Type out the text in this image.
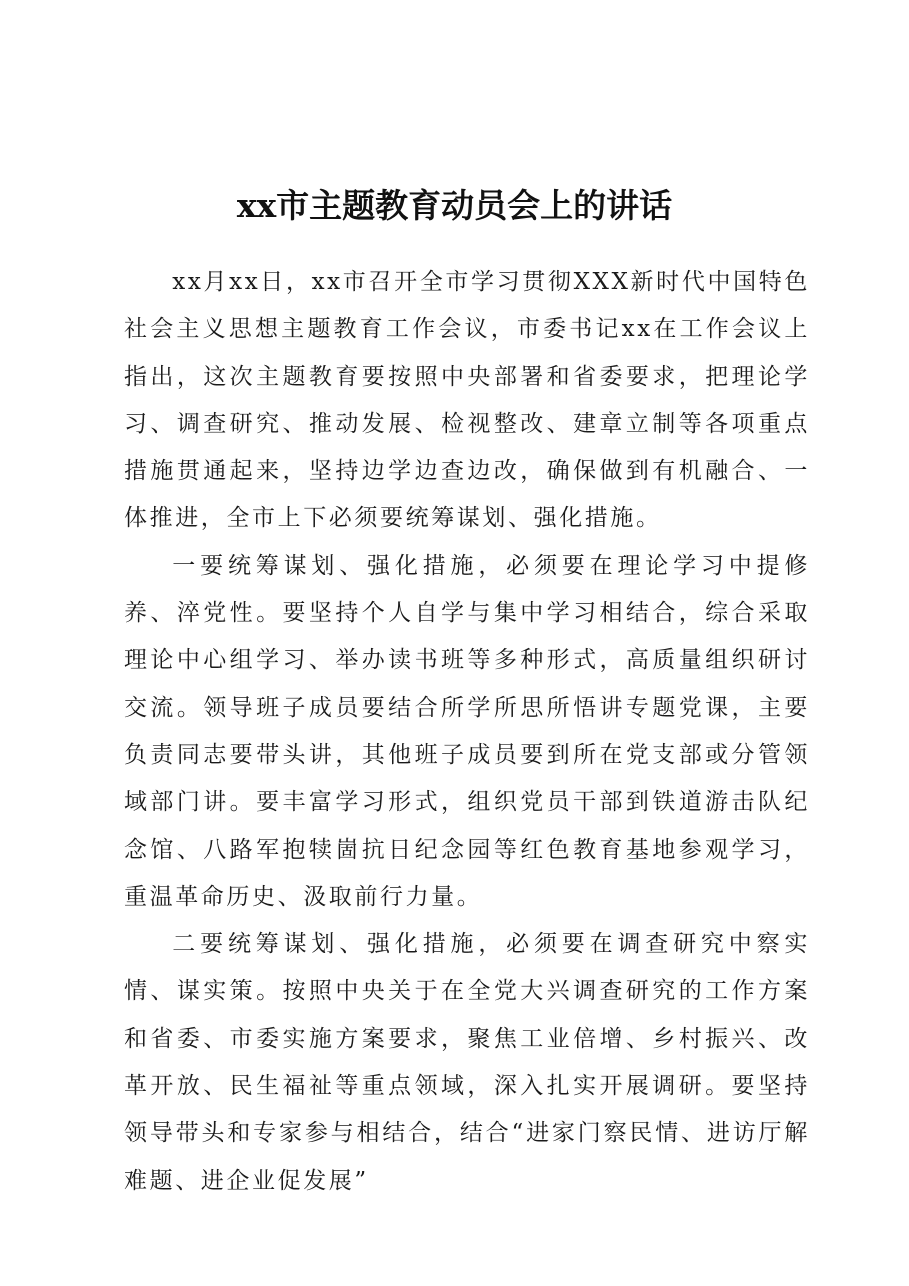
xx市主题教育动员会上的讲话

xx月xx日，xx市召开全市学习贯彻XXX新时代中国特色社会主义思想主题教育工作会议，市委书记xx在工作会议上指出，这次主题教育要按照中央部署和省委要求，把理论学习、调查研究、推动发展、检视整改、建章立制等各项重点措施贯通起来，坚持边学边查边改，确保做到有机融合、一体推进，全市上下必须要统筹谋划、强化措施。

一要统筹谋划、强化措施，必须要在理论学习中提修养、淬党性。要坚持个人自学与集中学习相结合，综合采取理论中心组学习、举办读书班等多种形式，高质量组织研讨交流。领导班子成员要结合所学所思所悟讲专题党课，主要负责同志要带头讲，其他班子成员要到所在党支部或分管领域部门讲。要丰富学习形式，组织党员干部到铁道游击队纪念馆、八路军抱犊崮抗日纪念园等红色教育基地参观学习，重温革命历史、汲取前行力量。

二要统筹谋划、强化措施，必须要在调查研究中察实情、谋实策。按照中央关于在全党大兴调查研究的工作方案和省委、市委实施方案要求，聚焦工业倍增、乡村振兴、改革开放、民生福祉等重点领域，深入扎实开展调研。要坚持领导带头和专家参与相结合，结合“进家门察民情、进访厅解难题、进企业促发展”
